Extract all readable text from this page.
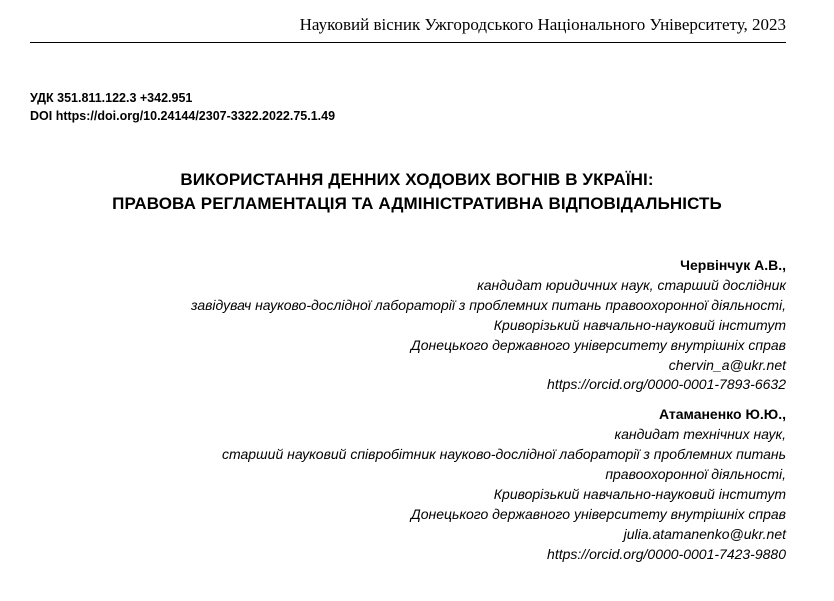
Науковий вісник Ужгородського Національного Університету, 2023
УДК 351.811.122.3 +342.951
DOI https://doi.org/10.24144/2307-3322.2022.75.1.49
ВИКОРИСТАННЯ ДЕННИХ ХОДОВИХ ВОГНІВ В УКРАЇНІ:
ПРАВОВА РЕГЛАМЕНТАЦІЯ ТА АДМІНІСТРАТИВНА ВІДПОВІДАЛЬНІСТЬ
Червінчук А.В.,
кандидат юридичних наук, старший дослідник
завідувач науково-дослідної лабораторії з проблемних питань правоохоронної діяльності,
Криворізький навчально-науковий інститут
Донецького державного університету внутрішніх справ
chervin_a@ukr.net
https://orcid.org/0000-0001-7893-6632
Атаманенко Ю.Ю.,
кандидат технічних наук,
старший науковий співробітник науково-дослідної лабораторії з проблемних питань
правоохоронної діяльності,
Криворізький навчально-науковий інститут
Донецького державного університету внутрішніх справ
julia.atamanenko@ukr.net
https://orcid.org/0000-0001-7423-9880
